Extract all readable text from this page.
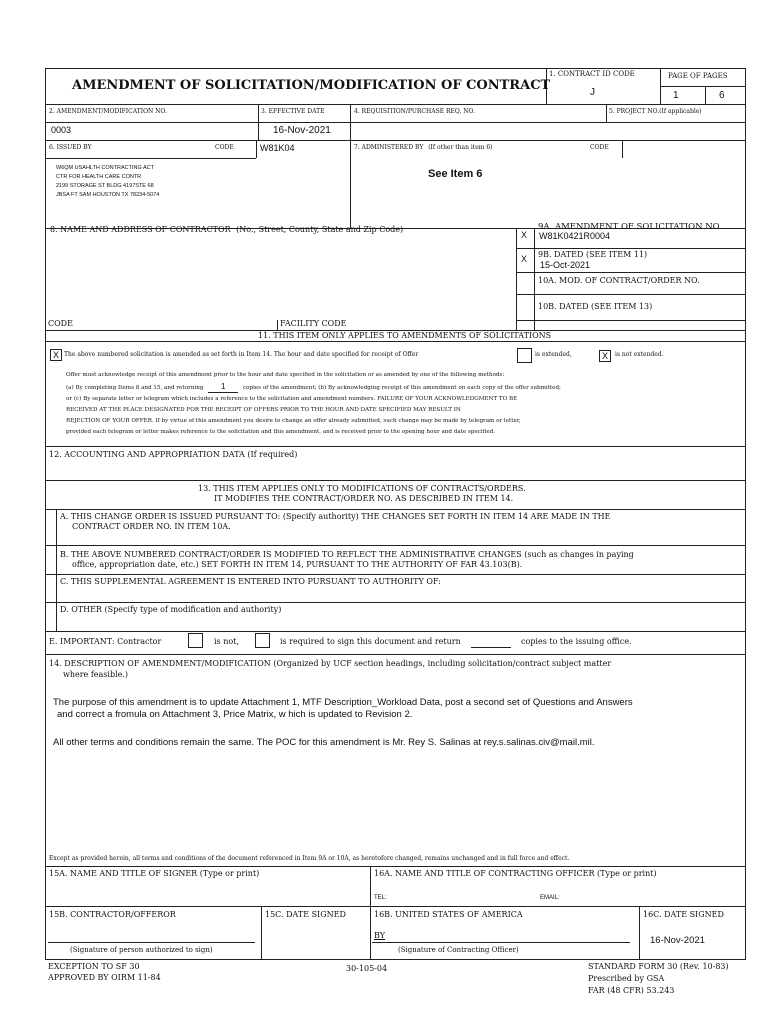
AMENDMENT OF SOLICITATION/MODIFICATION OF CONTRACT
1. CONTRACT ID CODE
J
PAGE OF PAGES
1	6
2. AMENDMENT/MODIFICATION NO.
0003
3. EFFECTIVE DATE
16-Nov-2021
4. REQUISITION/PURCHASE REQ. NO.	5. PROJECT NO.(If applicable)
6. ISSUED BY	CODE	W81K04	7. ADMINISTERED BY (If other than item 6)	CODE
W6QM USAHLTH CONTRACTING ACT
CTR FOR HEALTH CARE CONTR
2199 STORAGE ST BLDG 4197STE 68
JBSA FT SAM HOUSTON TX 78234-5074
See Item 6
8. NAME AND ADDRESS OF CONTRACTOR (No., Street, County, State and Zip Code)
X
9A. AMENDMENT OF SOLICITATION NO.
W81K0421R0004
X 9B. DATED (SEE ITEM 11)
15-Oct-2021
10A. MOD. OF CONTRACT/ORDER NO.
10B. DATED (SEE ITEM 13)
CODE	FACILITY CODE
11. THIS ITEM ONLY APPLIES TO AMENDMENTS OF SOLICITATIONS
X The above numbered solicitation is amended as set forth in Item 14. The hour and date specified for receipt of Offer	is extended,	X	is not extended.
Offer must acknowledge receipt of this amendment prior to the hour and date specified in the solicitation or as amended by one of the following methods:
(a) By completing Items 8 and 15, and returning 1	copies of the amendment; (b) By acknowledging receipt of this amendment on each copy of the offer submitted;
or (c) By separate letter or telegram which includes a reference to the solicitation and amendment numbers. FAILURE OF YOUR ACKNOWLEDGMENT TO BE
RECEIVED AT THE PLACE DESIGNATED FOR THE RECEIPT OF OFFERS PRIOR TO THE HOUR AND DATE SPECIFIED MAY RESULT IN
REJECTION OF YOUR OFFER. If by virtue of this amendment you desire to change an offer already submitted, such change may be made by telegram or letter,
provided each telegram or letter makes reference to the solicitation and this amendment, and is received prior to the opening hour and date specified.
12. ACCOUNTING AND APPROPRIATION DATA (If required)
13. THIS ITEM APPLIES ONLY TO MODIFICATIONS OF CONTRACTS/ORDERS.
IT MODIFIES THE CONTRACT/ORDER NO. AS DESCRIBED IN ITEM 14.
A. THIS CHANGE ORDER IS ISSUED PURSUANT TO: (Specify authority) THE CHANGES SET FORTH IN ITEM 14 ARE MADE IN THE
CONTRACT ORDER NO. IN ITEM 10A.
B. THE ABOVE NUMBERED CONTRACT/ORDER IS MODIFIED TO REFLECT THE ADMINISTRATIVE CHANGES (such as changes in paying
office, appropriation date, etc.) SET FORTH IN ITEM 14, PURSUANT TO THE AUTHORITY OF FAR 43.103(B).
C. THIS SUPPLEMENTAL AGREEMENT IS ENTERED INTO PURSUANT TO AUTHORITY OF:
D. OTHER (Specify type of modification and authority)
E. IMPORTANT: Contractor	is not,	is required to sign this document and return	copies to the issuing office.
14. DESCRIPTION OF AMENDMENT/MODIFICATION (Organized by UCF section headings, including solicitation/contract subject matter
where feasible.)
The purpose of this amendment is to update Attachment 1, MTF Description_Workload Data, post a second set of Questions and Answers
and correct a fromula on Attachment 3, Price Matrix, w hich is updated to Revision 2.
All other terms and conditions remain the same. The POC for this amendment is Mr. Rey S. Salinas at rey.s.salinas.civ@mail.mil.
Except as provided herein, all terms and conditions of the document referenced in Item 9A or 10A, as heretofore changed, remains unchanged and in full force and effect.
15A. NAME AND TITLE OF SIGNER (Type or print)	16A. NAME AND TITLE OF CONTRACTING OFFICER (Type or print)
TEL:	EMAIL:
15B. CONTRACTOR/OFFEROR	15C. DATE SIGNED	16B. UNITED STATES OF AMERICA	16C. DATE SIGNED
BY	16-Nov-2021
(Signature of person authorized to sign)	(Signature of Contracting Officer)
EXCEPTION TO SF 30
APPROVED BY OIRM 11-84
30-105-04	STANDARD FORM 30 (Rev. 10-83)
Prescribed by GSA
FAR (48 CFR) 53.243
